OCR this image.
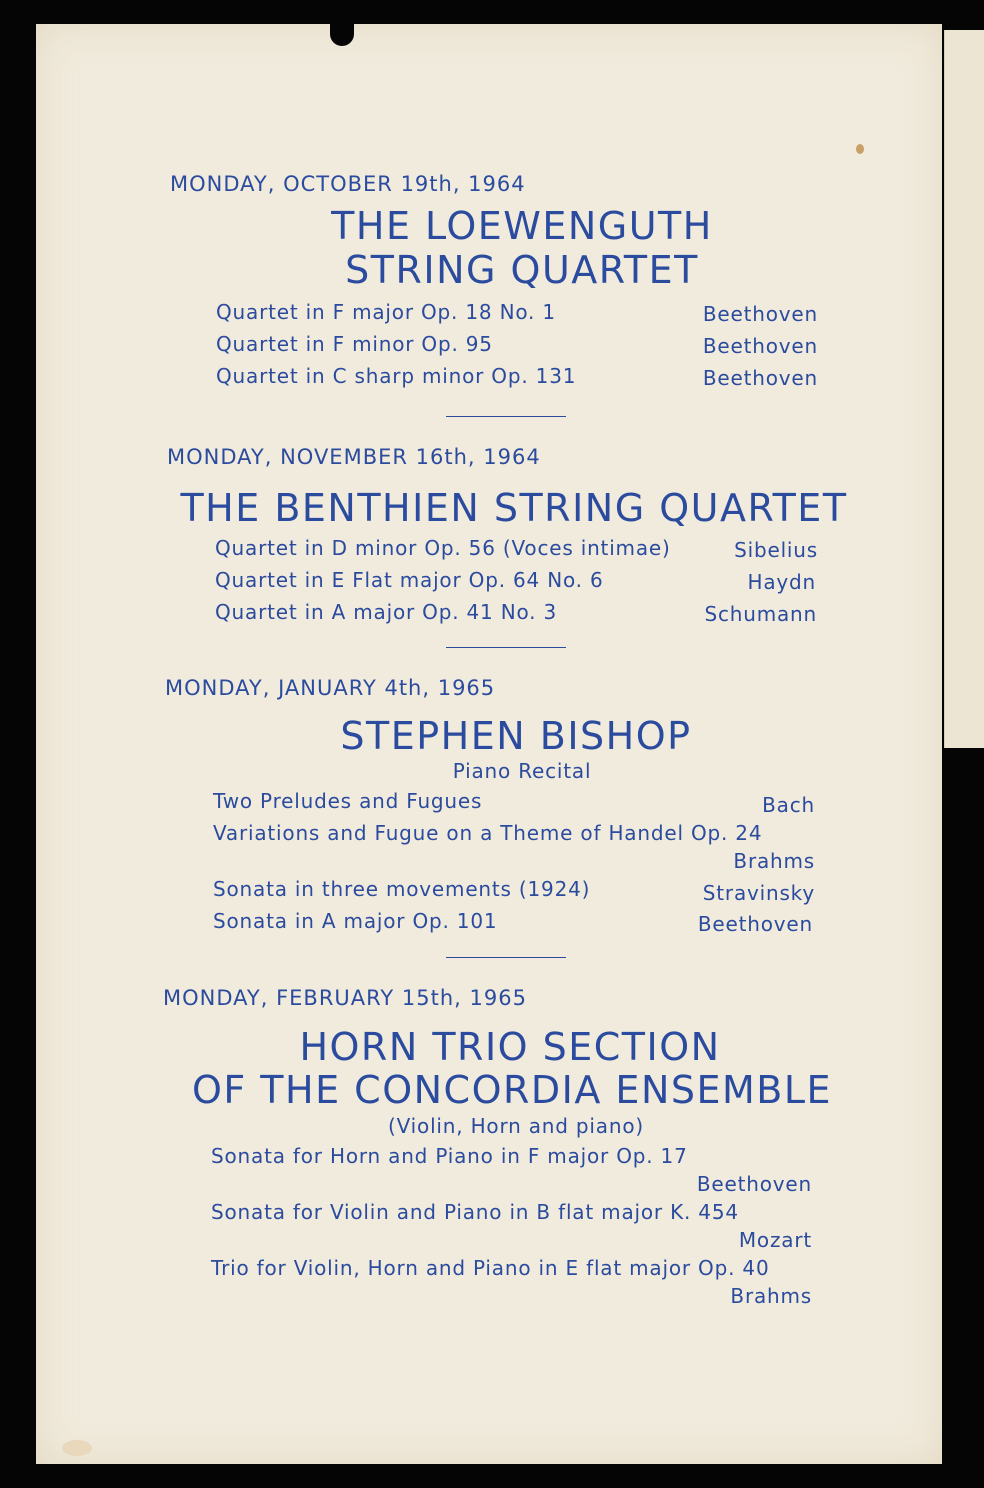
MONDAY, OCTOBER 19th, 1964
THE LOEWENGUTH
STRING QUARTET
Quartet in F major Op. 18 No. 1	Beethoven
Quartet in F minor Op. 95	Beethoven
Quartet in C sharp minor Op. 131	Beethoven
MONDAY, NOVEMBER 16th, 1964
THE BENTHIEN STRING QUARTET
Quartet in D minor Op. 56 (Voces intimae)	Sibelius
Quartet in E Flat major Op. 64 No. 6	Haydn
Quartet in A major Op. 41 No. 3	Schumann
MONDAY, JANUARY 4th, 1965
STEPHEN BISHOP
Piano Recital
Two Preludes and Fugues	Bach
Variations and Fugue on a Theme of Handel Op. 24
Brahms
Sonata in three movements (1924)	Stravinsky
Sonata in A major Op. 101	Beethoven
MONDAY, FEBRUARY 15th, 1965
HORN TRIO SECTION
OF THE CONCORDIA ENSEMBLE
(Violin, Horn and piano)
Sonata for Horn and Piano in F major Op. 17
Beethoven
Sonata for Violin and Piano in B flat major K. 454
Mozart
Trio for Violin, Horn and Piano in E flat major Op. 40
Brahms
